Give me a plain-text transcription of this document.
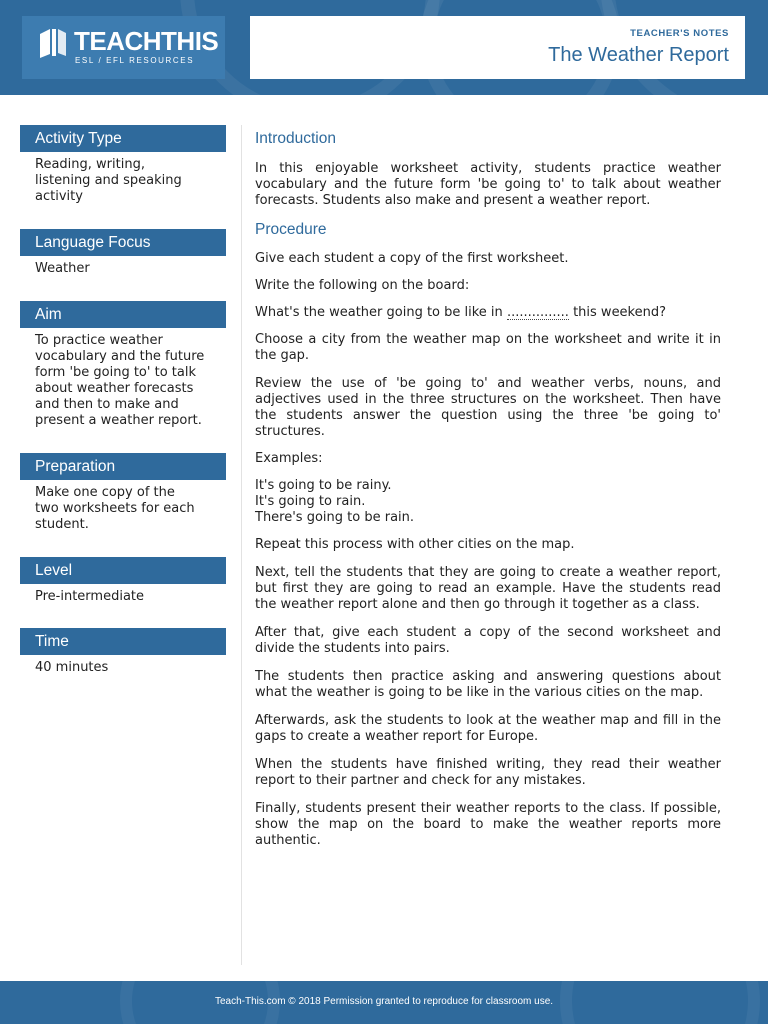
TEACHTHIS
ESL / EFL RESOURCES
TEACHER'S NOTES
The Weather Report
Activity Type
Reading, writing,
listening and speaking
activity
Language Focus
Weather
Aim
To practice weather
vocabulary and the future
form 'be going to' to talk
about weather forecasts
and then to make and
present a weather report.
Preparation
Make one copy of the
two worksheets for each
student.
Level
Pre-intermediate
Time
40 minutes
Introduction
In this enjoyable worksheet activity, students practice weather vocabulary and the future form 'be going to' to talk about weather forecasts. Students also make and present a weather report.
Procedure
Give each student a copy of the first worksheet.
Write the following on the board:
What's the weather going to be like in ............... this weekend?
Choose a city from the weather map on the worksheet and write it in the gap.
Review the use of 'be going to' and weather verbs, nouns, and adjectives used in the three structures on the worksheet. Then have the students answer the question using the three 'be going to' structures.
Examples:
It's going to be rainy.
It's going to rain.
There's going to be rain.
Repeat this process with other cities on the map.
Next, tell the students that they are going to create a weather report, but first they are going to read an example. Have the students read the weather report alone and then go through it together as a class.
After that, give each student a copy of the second worksheet and divide the students into pairs.
The students then practice asking and answering questions about what the weather is going to be like in the various cities on the map.
Afterwards, ask the students to look at the weather map and fill in the gaps to create a weather report for Europe.
When the students have finished writing, they read their weather report to their partner and check for any mistakes.
Finally, students present their weather reports to the class. If possible, show the map on the board to make the weather reports more authentic.
Teach-This.com © 2018 Permission granted to reproduce for classroom use.
